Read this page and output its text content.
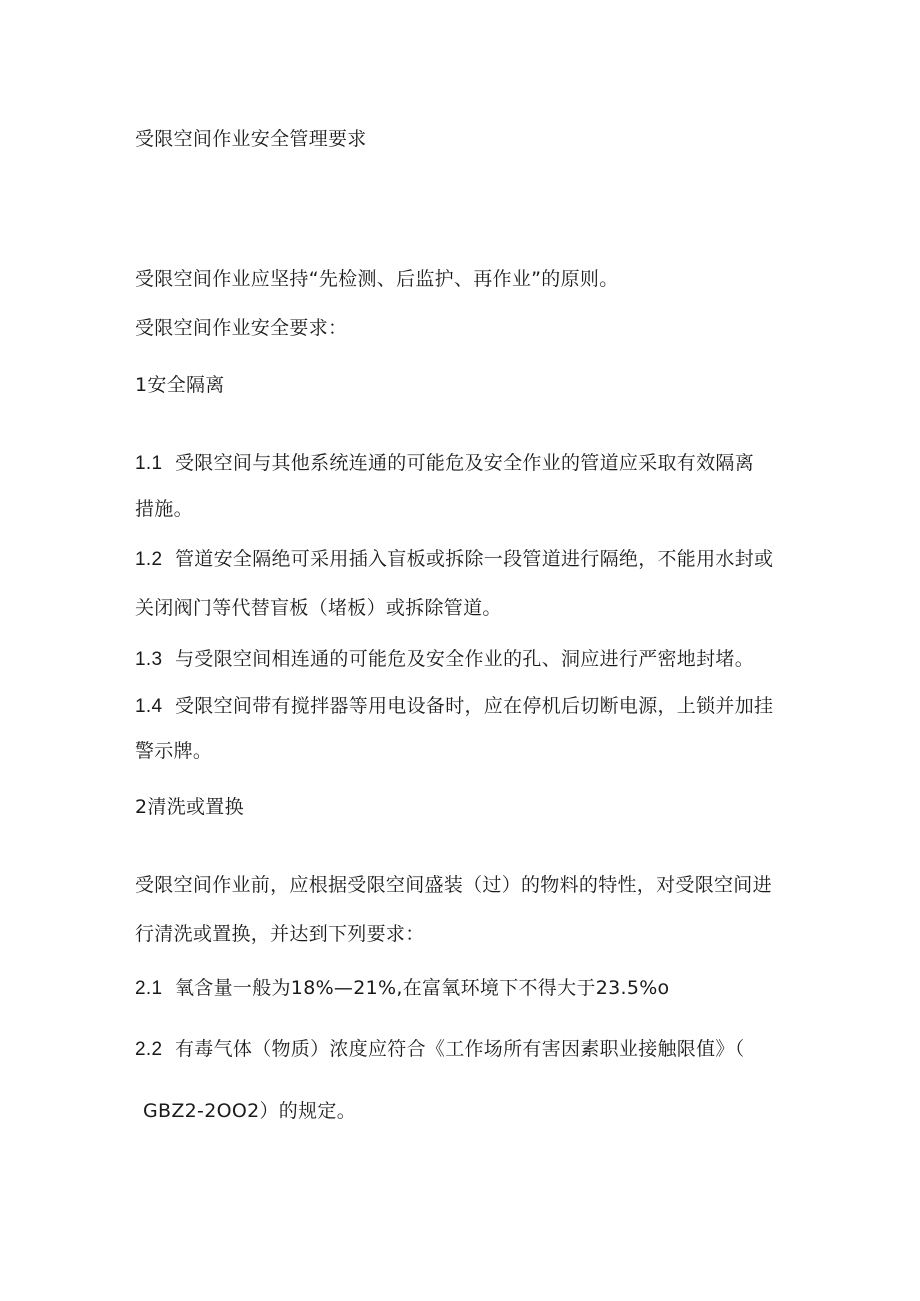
受限空间作业安全管理要求
受限空间作业应坚持“先检测、后监护、再作业”的原则。
受限空间作业安全要求：
1安全隔离
1.1 受限空间与其他系统连通的可能危及安全作业的管道应采取有效隔离
措施。
1.2 管道安全隔绝可采用插入盲板或拆除一段管道进行隔绝，不能用水封或
关闭阀门等代替盲板（堵板）或拆除管道。
1.3 与受限空间相连通的可能危及安全作业的孔、洞应进行严密地封堵。
1.4 受限空间带有搅拌器等用电设备时，应在停机后切断电源，上锁并加挂
警示牌。
2清洗或置换
受限空间作业前，应根据受限空间盛装（过）的物料的特性，对受限空间进
行清洗或置换，并达到下列要求：
2.1 氧含量一般为18%—21%,在富氧环境下不得大于23.5%o
2.2 有毒气体（物质）浓度应符合《工作场所有害因素职业接触限值》（
GBZ2-2OO2）的规定。
